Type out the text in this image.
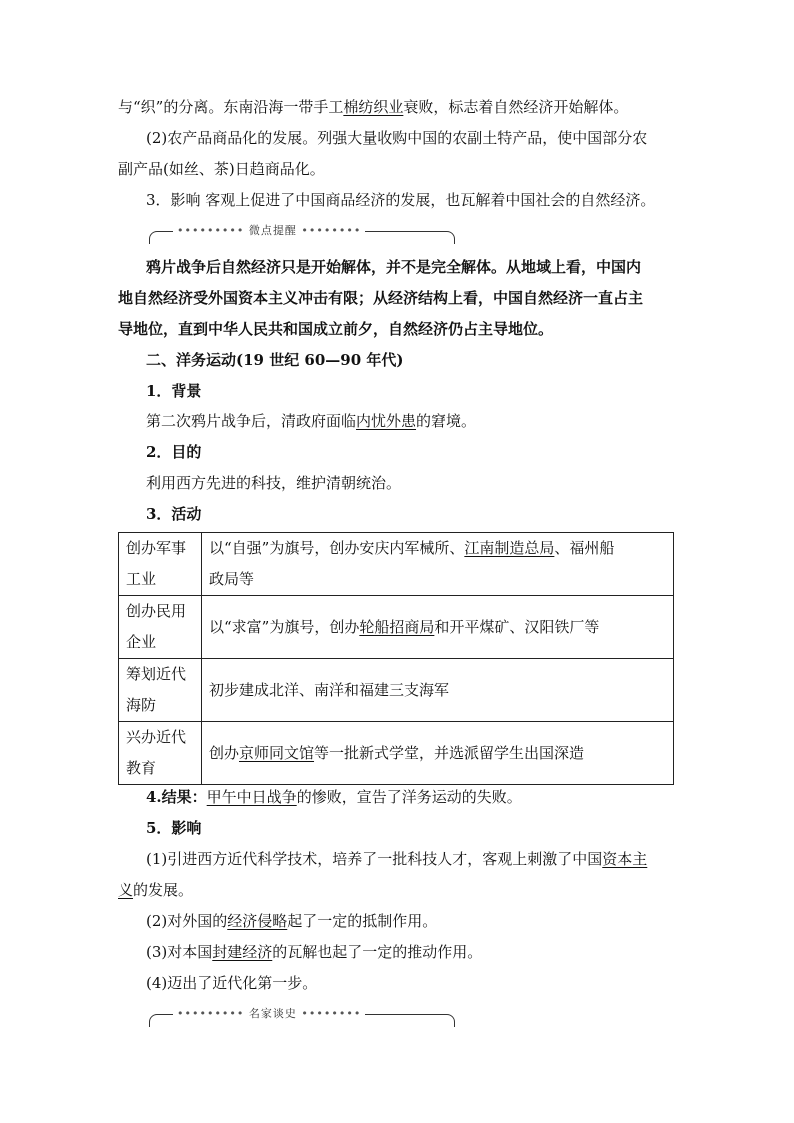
与“织”的分离。东南沿海一带手工棉纺织业衰败，标志着自然经济开始解体。
(2)农产品商品化的发展。列强大量收购中国的农副土特产品，使中国部分农
副产品(如丝、茶)日趋商品化。
3．影响 客观上促进了中国商品经济的发展，也瓦解着中国社会的自然经济。
••••••••• 微点提醒 ••••••••
鸦片战争后自然经济只是开始解体，并不是完全解体。从地域上看，中国内
地自然经济受外国资本主义冲击有限；从经济结构上看，中国自然经济一直占主
导地位，直到中华人民共和国成立前夕，自然经济仍占主导地位。
二、洋务运动(19 世纪 60—90 年代)
1．背景
第二次鸦片战争后，清政府面临内忧外患的窘境。
2．目的
利用西方先进的科技，维护清朝统治。
3．活动
创办军事
工业	以“自强”为旗号，创办安庆内军械所、江南制造总局、福州船
政局等
创办民用
企业	以“求富”为旗号，创办轮船招商局和开平煤矿、汉阳铁厂等
筹划近代
海防	初步建成北洋、南洋和福建三支海军
兴办近代
教育	创办京师同文馆等一批新式学堂，并选派留学生出国深造
4.结果：甲午中日战争的惨败，宣告了洋务运动的失败。
5．影响
(1)引进西方近代科学技术，培养了一批科技人才，客观上刺激了中国资本主
义的发展。
(2)对外国的经济侵略起了一定的抵制作用。
(3)对本国封建经济的瓦解也起了一定的推动作用。
(4)迈出了近代化第一步。
••••••••• 名家谈史 ••••••••
